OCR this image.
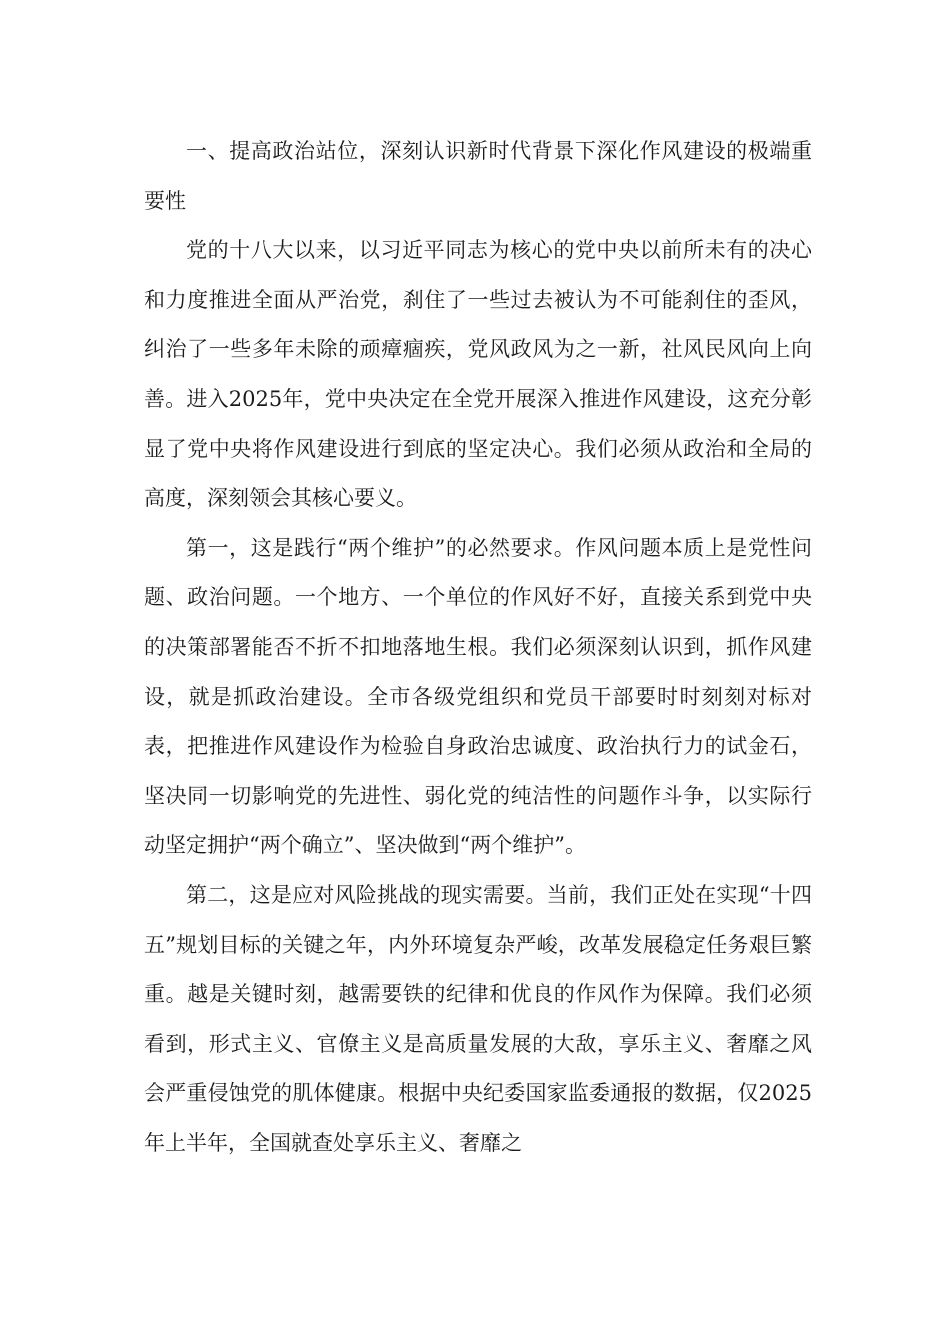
一、提高政治站位，深刻认识新时代背景下深化作风建设的极端重要性

党的十八大以来，以习近平同志为核心的党中央以前所未有的决心和力度推进全面从严治党，刹住了一些过去被认为不可能刹住的歪风，纠治了一些多年未除的顽瘴痼疾，党风政风为之一新，社风民风向上向善。进入2025年，党中央决定在全党开展深入推进作风建设，这充分彰显了党中央将作风建设进行到底的坚定决心。我们必须从政治和全局的高度，深刻领会其核心要义。

第一，这是践行“两个维护”的必然要求。作风问题本质上是党性问题、政治问题。一个地方、一个单位的作风好不好，直接关系到党中央的决策部署能否不折不扣地落地生根。我们必须深刻认识到，抓作风建设，就是抓政治建设。全市各级党组织和党员干部要时时刻刻对标对表，把推进作风建设作为检验自身政治忠诚度、政治执行力的试金石，坚决同一切影响党的先进性、弱化党的纯洁性的问题作斗争，以实际行动坚定拥护“两个确立”、坚决做到“两个维护”。

第二，这是应对风险挑战的现实需要。当前，我们正处在实现“十四五”规划目标的关键之年，内外环境复杂严峻，改革发展稳定任务艰巨繁重。越是关键时刻，越需要铁的纪律和优良的作风作为保障。我们必须看到，形式主义、官僚主义是高质量发展的大敌，享乐主义、奢靡之风会严重侵蚀党的肌体健康。根据中央纪委国家监委通报的数据，仅2025年上半年，全国就查处享乐主义、奢靡之
